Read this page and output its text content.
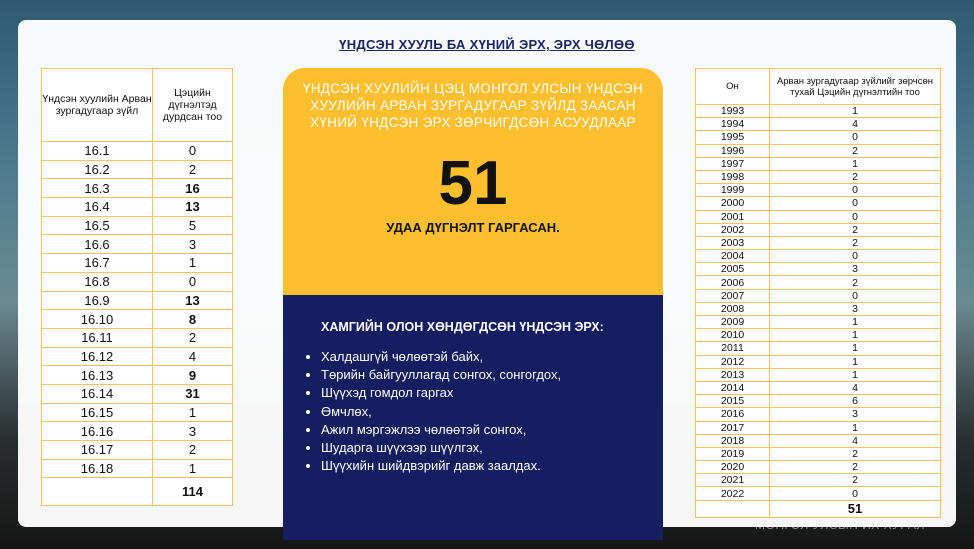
ҮНДСЭН ХУУЛЬ БА ХҮНИЙ ЭРХ, ЭРХ ЧӨЛӨӨ
Үндсэн хуулийн Арван зургадугаар зүйл	Цэцийн дүгнэлтэд дурдсан тоо
16.1	0
16.2	2
16.3	16
16.4	13
16.5	5
16.6	3
16.7	1
16.8	0
16.9	13
16.10	8
16.11	2
16.12	4
16.13	9
16.14	31
16.15	1
16.16	3
16.17	2
16.18	1
	114
ҮНДСЭН ХУУЛИЙН ЦЭЦ МОНГОЛ УЛСЫН ҮНДСЭН ХУУЛИЙН АРВАН ЗУРГАДУГААР ЗҮЙЛД ЗААСАН ХҮНИЙ ҮНДСЭН ЭРХ ЗӨРЧИГДСӨН АСУУДЛААР
51
УДАА ДҮГНЭЛТ ГАРГАСАН.
ХАМГИЙН ОЛОН ХӨНДӨГДСӨН ҮНДСЭН ЭРХ:
• Халдашгүй чөлөөтэй байх,
• Төрийн байгууллагад сонгох, сонгогдох,
• Шүүхэд гомдол гаргах
• Өмчлөх,
• Ажил мэргэжлээ чөлөөтэй сонгох,
• Шударга шүүхээр шүүлгэх,
• Шүүхийн шийдвэрийг давж заалдах.
Он	Арван зургадугаар зүйлийг зөрчсөн тухай Цэцийн дүгнэлтийн тоо
1993	1
1994	4
1995	0
1996	2
1997	1
1998	2
1999	0
2000	0
2001	0
2002	2
2003	2
2004	0
2005	3
2006	2
2007	0
2008	3
2009	1
2010	1
2011	1
2012	1
2013	1
2014	4
2015	6
2016	3
2017	1
2018	4
2019	2
2020	2
2021	2
2022	0
	51
МОНГОЛ УЛСЫН ИХ ХУРАЛ
